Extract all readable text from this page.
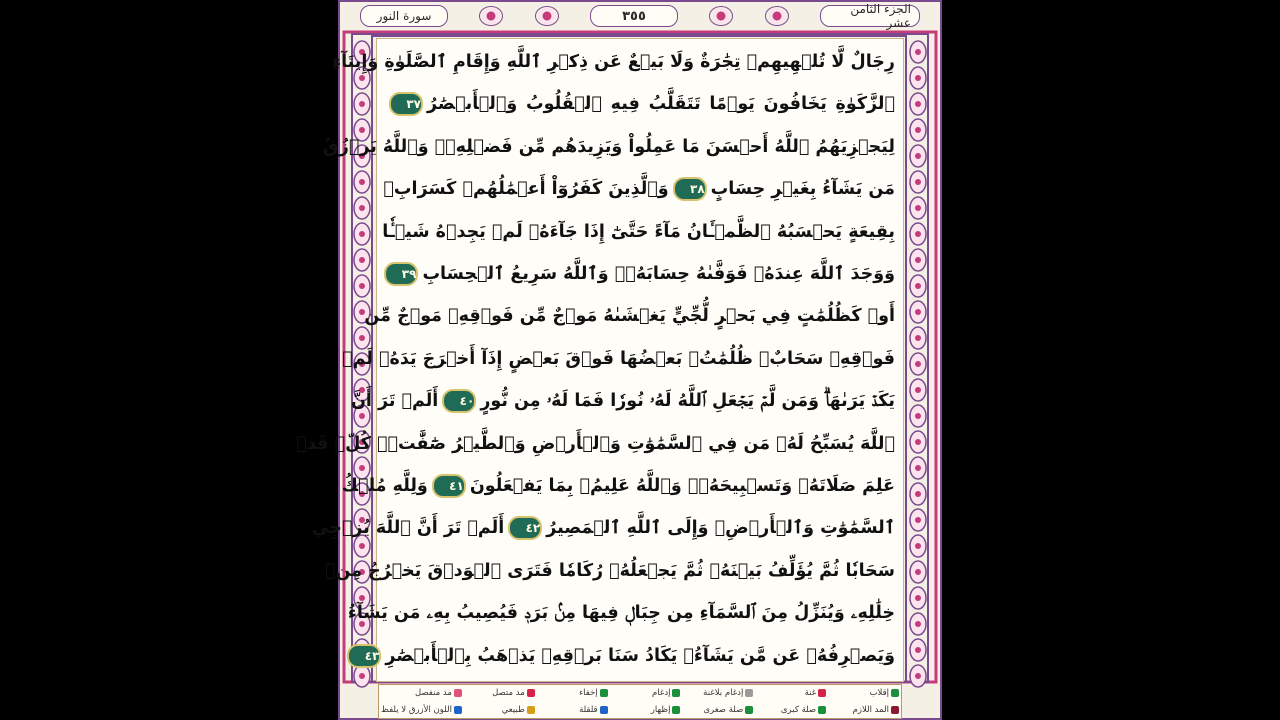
الجزء الثامن عشر
٣٥٥
سورة النور
رِجَالٌ لَّا تُلۡهِيهِمۡ تِجَٰرَةٌ وَلَا بَيۡعٌ عَن ذِكۡرِ ٱللَّهِ وَإِقَامِ ٱلصَّلَوٰةِ وَإِيتَآءِ
ٱلزَّكَوٰةِ يَخَافُونَ يَوۡمًا تَتَقَلَّبُ فِيهِ ٱلۡقُلُوبُ وَٱلۡأَبۡصَٰرُ٣٧
لِيَجۡزِيَهُمُ ٱللَّهُ أَحۡسَنَ مَا عَمِلُواْ وَيَزِيدَهُم مِّن فَضۡلِهِۦۗ وَٱللَّهُ يَرۡزُقُ
مَن يَشَآءُ بِغَيۡرِ حِسَابٍ٣٨وَٱلَّذِينَ كَفَرُوٓاْ أَعۡمَٰلُهُمۡ كَسَرَابِۭ
بِقِيعَةٍ يَحۡسَبُهُ ٱلظَّمۡـَٔانُ مَآءً حَتَّىٰٓ إِذَا جَآءَهُۥ لَمۡ يَجِدۡهُ شَيۡـٔٗا
وَوَجَدَ ٱللَّهَ عِندَهُۥ فَوَفَّىٰهُ حِسَابَهُۥۗ وَٱللَّهُ سَرِيعُ ٱلۡحِسَابِ٣٩
أَوۡ كَظُلُمَٰتٍ فِي بَحۡرٍ لُّجِّيٍّ يَغۡشَىٰهُ مَوۡجٌ مِّن فَوۡقِهِۦ مَوۡجٌ مِّن
فَوۡقِهِۦ سَحَابٌۚ ظُلُمَٰتُۢ بَعۡضُهَا فَوۡقَ بَعۡضٍ إِذَآ أَخۡرَجَ يَدَهُۥ لَمۡ
يَكَدۡ يَرَىٰهَاۗ وَمَن لَّمۡ يَجۡعَلِ ٱللَّهُ لَهُۥ نُورٗا فَمَا لَهُۥ مِن نُّورٍ٤٠أَلَمۡ تَرَ أَنَّ
ٱللَّهَ يُسَبِّحُ لَهُۥ مَن فِي ٱلسَّمَٰوَٰتِ وَٱلۡأَرۡضِ وَٱلطَّيۡرُ صَٰٓفَّٰتٖۖ كُلّٞ قَدۡ
عَلِمَ صَلَاتَهُۥ وَتَسۡبِيحَهُۥۗ وَٱللَّهُ عَلِيمُۢ بِمَا يَفۡعَلُونَ٤١وَلِلَّهِ مُلۡكُ
ٱلسَّمَٰوَٰتِ وَٱلۡأَرۡضِۖ وَإِلَى ٱللَّهِ ٱلۡمَصِيرُ٤٢أَلَمۡ تَرَ أَنَّ ٱللَّهَ يُزۡجِي
سَحَابٗا ثُمَّ يُؤَلِّفُ بَيۡنَهُۥ ثُمَّ يَجۡعَلُهُۥ رُكَامٗا فَتَرَى ٱلۡوَدۡقَ يَخۡرُجُ مِنۡ
خِلَٰلِهِۦ وَيُنَزِّلُ مِنَ ٱلسَّمَآءِ مِن جِبَالٖ فِيهَا مِنۢ بَرَدٖ فَيُصِيبُ بِهِۦ مَن يَشَآءُ
وَيَصۡرِفُهُۥ عَن مَّن يَشَآءُۖ يَكَادُ سَنَا بَرۡقِهِۦ يَذۡهَبُ بِٱلۡأَبۡصَٰرِ٤٣
إقلاب
غنة
إدغام بلاغنة
إدغام
إخفاء
مد متصل
مد منفصل
المد اللازم
صلة كبرى
صلة صغرى
إظهار
قلقلة
طبيعي
اللون الأزرق لا يلفظ
